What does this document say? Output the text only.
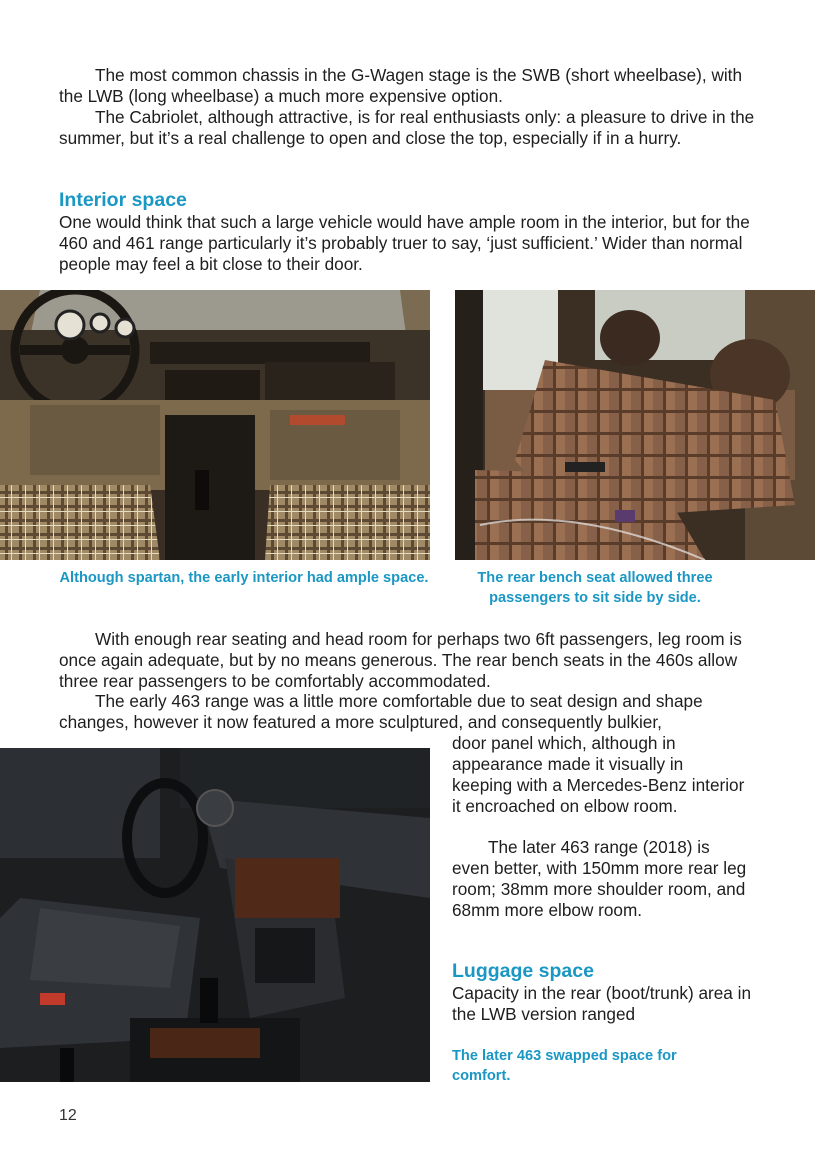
The most common chassis in the G-Wagen stage is the SWB (short wheelbase), with the LWB (long wheelbase) a much more expensive option.

The Cabriolet, although attractive, is for real enthusiasts only: a pleasure to drive in the summer, but it’s a real challenge to open and close the top, especially if in a hurry.

Interior space

One would think that such a large vehicle would have ample room in the interior, but for the 460 and 461 range particularly it’s probably truer to say, ‘just sufficient.’ Wider than normal people may feel a bit close to their door.

Although spartan, the early interior had ample space.	The rear bench seat allowed three passengers to sit side by side.

With enough rear seating and head room for perhaps two 6ft passengers, leg room is once again adequate, but by no means generous. The rear bench seats in the 460s allow three rear passengers to be comfortably accommodated.

The early 463 range was a little more comfortable due to seat design and shape changes, however it now featured a more sculptured, and consequently bulkier,

door panel which, although in appearance made it visually in keeping with a Mercedes-Benz interior it encroached on elbow room.

The later 463 range (2018) is even better, with 150mm more rear leg room; 38mm more shoulder room, and 68mm more elbow room.

Luggage space

Capacity in the rear (boot/trunk) area in the LWB version ranged

The later 463 swapped space for comfort.

12
